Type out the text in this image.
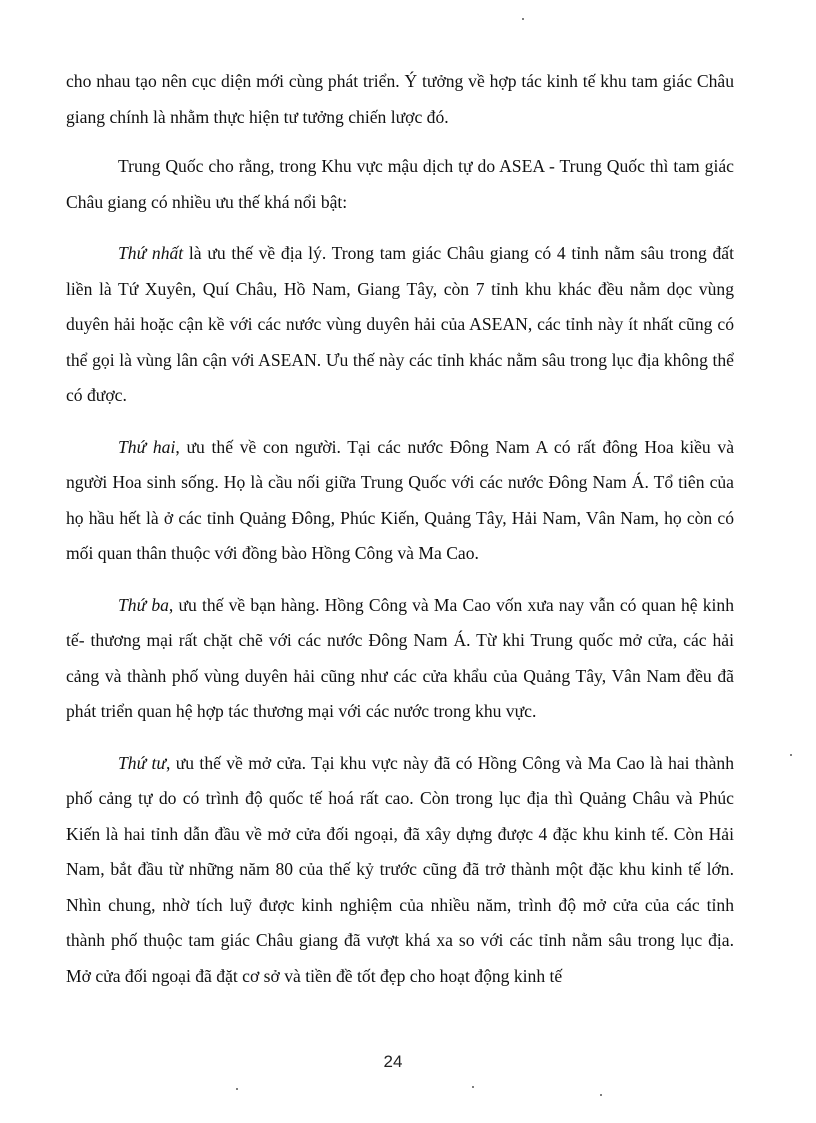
cho nhau tạo nên cục diện mới cùng phát triển. Ý tưởng về hợp tác kinh tế khu tam giác Châu giang chính là nhằm thực hiện tư tưởng chiến lược đó.

Trung Quốc cho rằng, trong Khu vực mậu dịch tự do ASEA - Trung Quốc thì tam giác Châu giang có nhiều ưu thế khá nổi bật:

Thứ nhất là ưu thế về địa lý. Trong tam giác Châu giang có 4 tỉnh nằm sâu trong đất liền là Tứ Xuyên, Quí Châu, Hồ Nam, Giang Tây, còn 7 tỉnh khu khác đều nằm dọc vùng duyên hải hoặc cận kề với các nước vùng duyên hải của ASEAN, các tỉnh này ít nhất cũng có thể gọi là vùng lân cận với ASEAN. Ưu thế này các tỉnh khác nằm sâu trong lục địa không thể có được.

Thứ hai, ưu thế về con người. Tại các nước Đông Nam A có rất đông Hoa kiều và người Hoa sinh sống. Họ là cầu nối giữa Trung Quốc với các nước Đông Nam Á. Tổ tiên của họ hầu hết là ở các tỉnh Quảng Đông, Phúc Kiến, Quảng Tây, Hải Nam, Vân Nam, họ còn có mối quan thân thuộc với đồng bào Hồng Công và Ma Cao.

Thứ ba, ưu thế về bạn hàng. Hồng Công và Ma Cao vốn xưa nay vẫn có quan hệ kinh tế- thương mại rất chặt chẽ với các nước Đông Nam Á. Từ khi Trung quốc mở cửa, các hải cảng và thành phố vùng duyên hải cũng như các cửa khẩu của Quảng Tây, Vân Nam đều đã phát triển quan hệ hợp tác thương mại với các nước trong khu vực.

Thứ tư, ưu thế về mở cửa. Tại khu vực này đã có Hồng Công và Ma Cao là hai thành phố cảng tự do có trình độ quốc tế hoá rất cao. Còn trong lục địa thì Quảng Châu và Phúc Kiến là hai tỉnh dẫn đầu về mở cửa đối ngoại, đã xây dựng được 4 đặc khu kinh tế. Còn Hải Nam, bắt đầu từ những năm 80 của thế kỷ trước cũng đã trở thành một đặc khu kinh tế lớn. Nhìn chung, nhờ tích luỹ được kinh nghiệm của nhiều năm, trình độ mở cửa của các tỉnh thành phố thuộc tam giác Châu giang đã vượt khá xa so với các tỉnh nằm sâu trong lục địa. Mở cửa đối ngoại đã đặt cơ sở và tiền đề tốt đẹp cho hoạt động kinh tế

24
